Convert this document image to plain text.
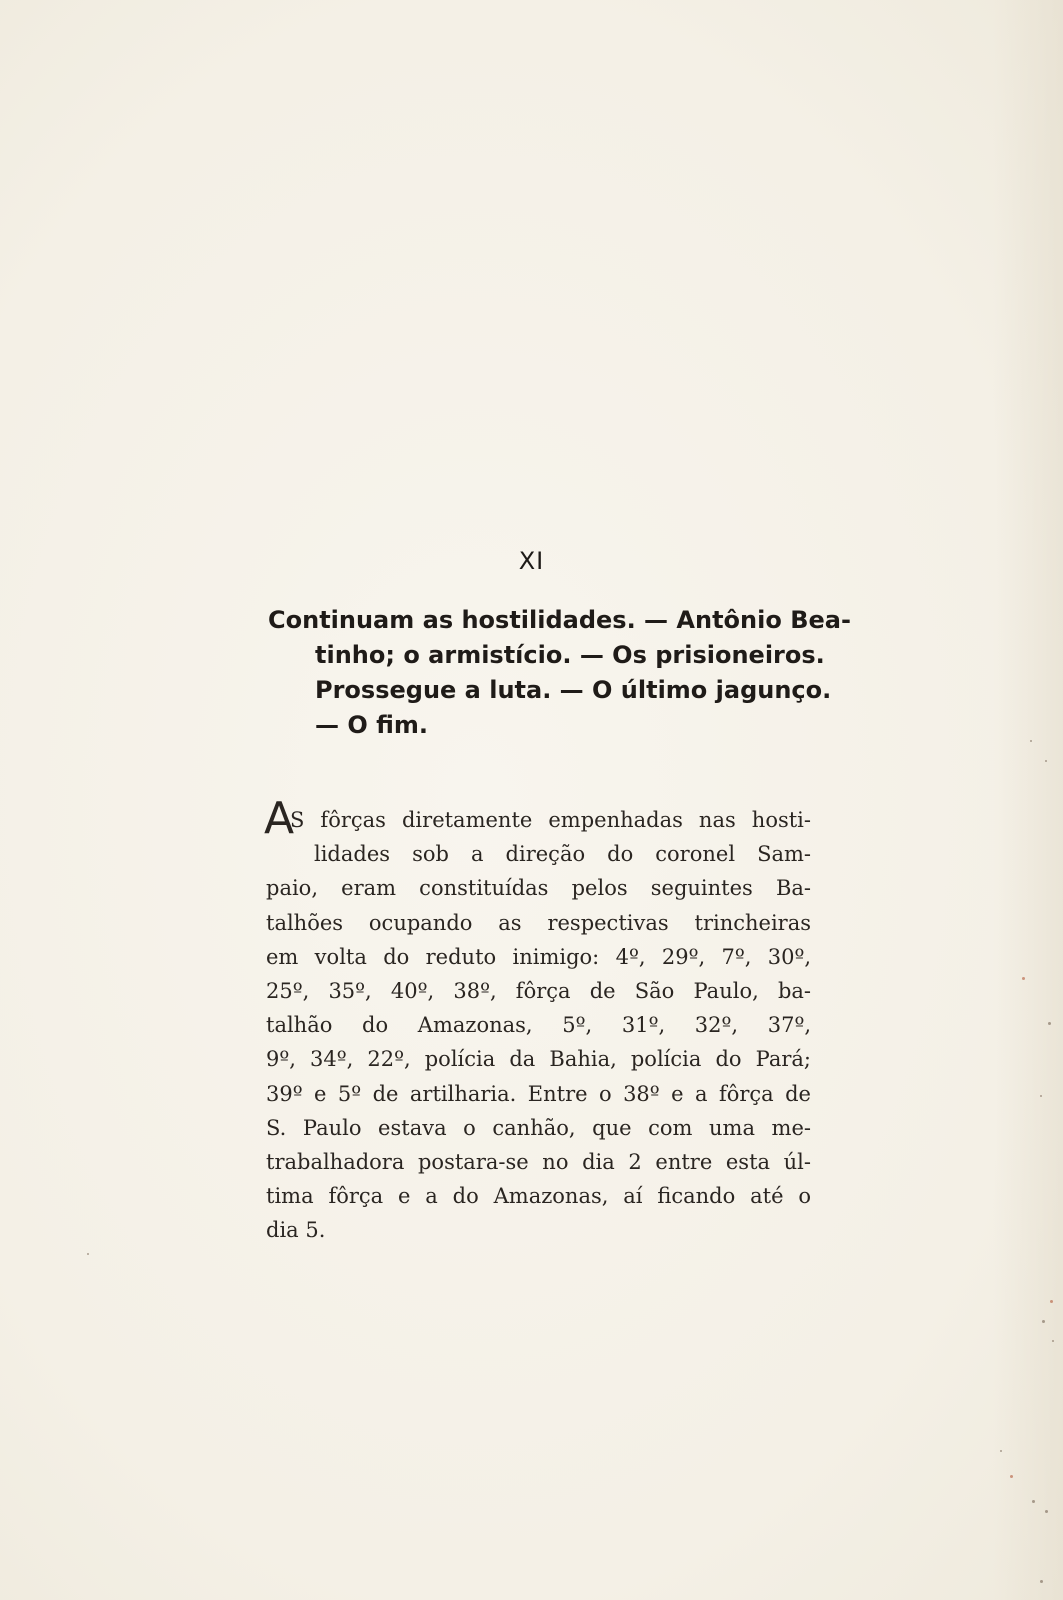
XI
Continuam as hostilidades. — Antônio Bea-
tinho; o armistício. — Os prisioneiros.
Prossegue a luta. — O último jagunço.
— O fim.
A
S fôrças diretamente empenhadas nas hosti-
lidades sob a direção do coronel Sam-
paio, eram constituídas pelos seguintes Ba-
talhões ocupando as respectivas trincheiras
em volta do reduto inimigo: 4º, 29º, 7º, 30º,
25º, 35º, 40º, 38º, fôrça de São Paulo, ba-
talhão do Amazonas, 5º, 31º, 32º, 37º,
9º, 34º, 22º, polícia da Bahia, polícia do Pará;
39º e 5º de artilharia. Entre o 38º e a fôrça de
S. Paulo estava o canhão, que com uma me-
trabalhadora postara-se no dia 2 entre esta úl-
tima fôrça e a do Amazonas, aí ficando até o
dia 5.
